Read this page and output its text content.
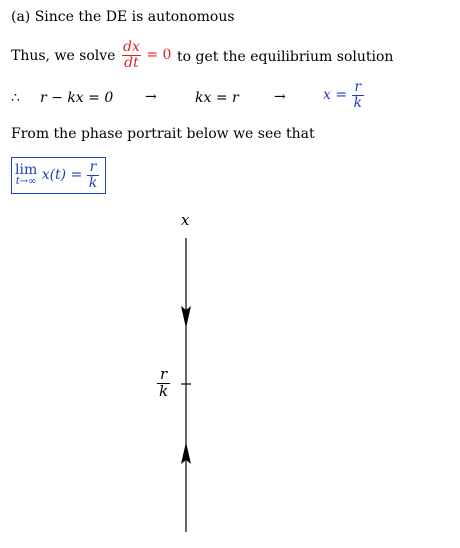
(a) Since the DE is autonomous
Thus, we solve $\frac{dx}{dt} = 0$ to get the equilibrium solution
∴ r − kx = 0 →	kx = r	→	$x = \frac{r}{k}$
From the phase portrait below we see that
lim
t→∞ $x(t) = \frac{r}{k}$
x
$\frac{r}{k}$
